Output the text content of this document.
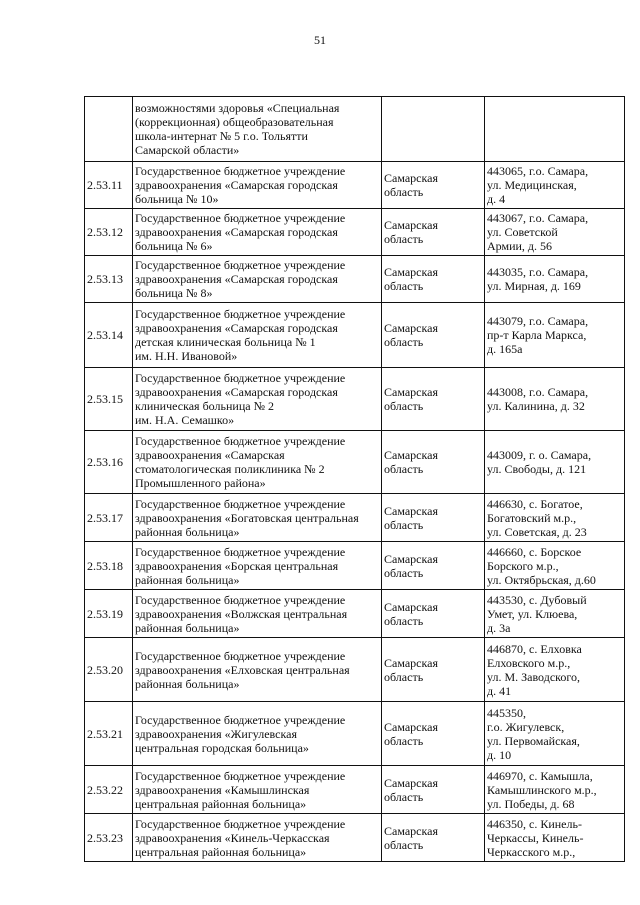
51

	возможностями здоровья «Специальная
(коррекционная) общеобразовательная
школа-интернат № 5 г.о. Тольятти
Самарской области»		

2.53.11	Государственное бюджетное учреждение
здравоохранения «Самарская городская
больница № 10»	Самарская
область	443065, г.о. Самара,
ул. Медицинская,
д. 4

2.53.12	Государственное бюджетное учреждение
здравоохранения «Самарская городская
больница № 6»	Самарская
область	443067, г.о. Самара,
ул. Советской
Армии, д. 56

2.53.13	Государственное бюджетное учреждение
здравоохранения «Самарская городская
больница № 8»	Самарская
область	443035, г.о. Самара,
ул. Мирная, д. 169

2.53.14	Государственное бюджетное учреждение
здравоохранения «Самарская городская
детская клиническая больница № 1
им. Н.Н. Ивановой»	Самарская
область	443079, г.о. Самара,
пр-т Карла Маркса,
д. 165а

2.53.15	Государственное бюджетное учреждение
здравоохранения «Самарская городская
клиническая больница № 2
им. Н.А. Семашко»	Самарская
область	443008, г.о. Самара,
ул. Калинина, д. 32

2.53.16	Государственное бюджетное учреждение
здравоохранения «Самарская
стоматологическая поликлиника № 2
Промышленного района»	Самарская
область	443009, г. о. Самара,
ул. Свободы, д. 121

2.53.17	Государственное бюджетное учреждение
здравоохранения «Богатовская центральная
районная больница»	Самарская
область	446630, с. Богатое,
Богатовский м.р.,
ул. Советская, д. 23

2.53.18	Государственное бюджетное учреждение
здравоохранения «Борская центральная
районная больница»	Самарская
область	446660, с. Борское
Борского м.р.,
ул. Октябрьская, д.60

2.53.19	Государственное бюджетное учреждение
здравоохранения «Волжская центральная
районная больница»	Самарская
область	443530, с. Дубовый
Умет, ул. Клюева,
д. 3а

2.53.20	Государственное бюджетное учреждение
здравоохранения «Елховская центральная
районная больница»	Самарская
область	446870, с. Елховка
Елховского м.р.,
ул. М. Заводского,
д. 41

2.53.21	Государственное бюджетное учреждение
здравоохранения «Жигулевская
центральная городская больница»	Самарская
область	445350,
г.о. Жигулевск,
ул. Первомайская,
д. 10

2.53.22	Государственное бюджетное учреждение
здравоохранения «Камышлинская
центральная районная больница»	Самарская
область	446970, с. Камышла,
Камышлинского м.р.,
ул. Победы, д. 68

2.53.23	Государственное бюджетное учреждение
здравоохранения «Кинель-Черкасская
центральная районная больница»	Самарская
область	446350, с. Кинель-
Черкассы, Кинель-
Черкасского м.р.,
